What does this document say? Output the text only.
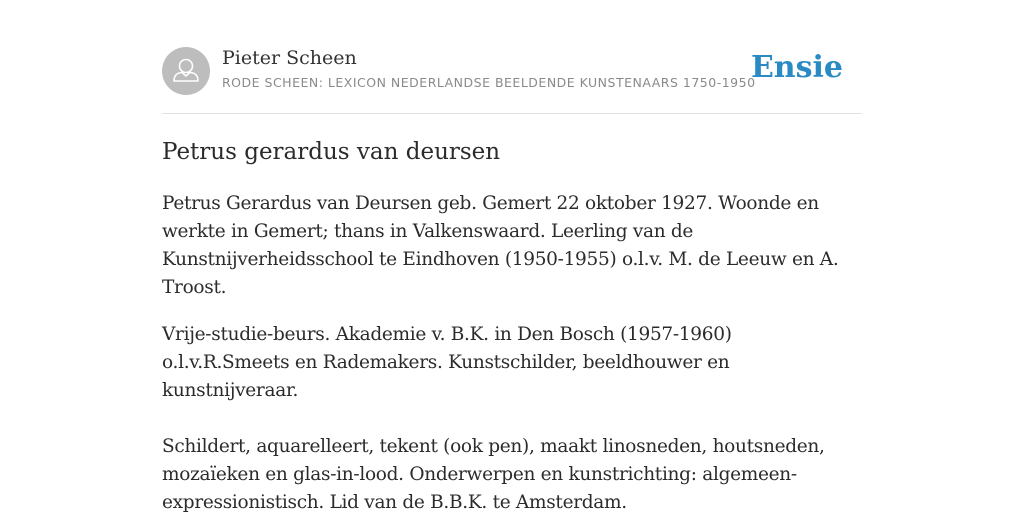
Pieter Scheen
RODE SCHEEN: LEXICON NEDERLANDSE BEELDENDE KUNSTENAARS 1750-1950
Ensie
Petrus gerardus van deursen

Petrus Gerardus van Deursen geb. Gemert 22 oktober 1927. Woonde en werkte in Gemert; thans in Valkenswaard. Leerling van de Kunstnijverheidsschool te Eindhoven (1950-1955) o.l.v. M. de Leeuw en A. Troost.

Vrije-studie-beurs. Akademie v. B.K. in Den Bosch (1957-1960) o.l.v.R.Smeets en Rademakers. Kunstschilder, beeldhouwer en kunstnijveraar.

Schildert, aquarelleert, tekent (ook pen), maakt linosneden, houtsneden, mozaïeken en glas-in-lood. Onderwerpen en kunstrichting: algemeen-expressionistisch. Lid van de B.B.K. te Amsterdam.
